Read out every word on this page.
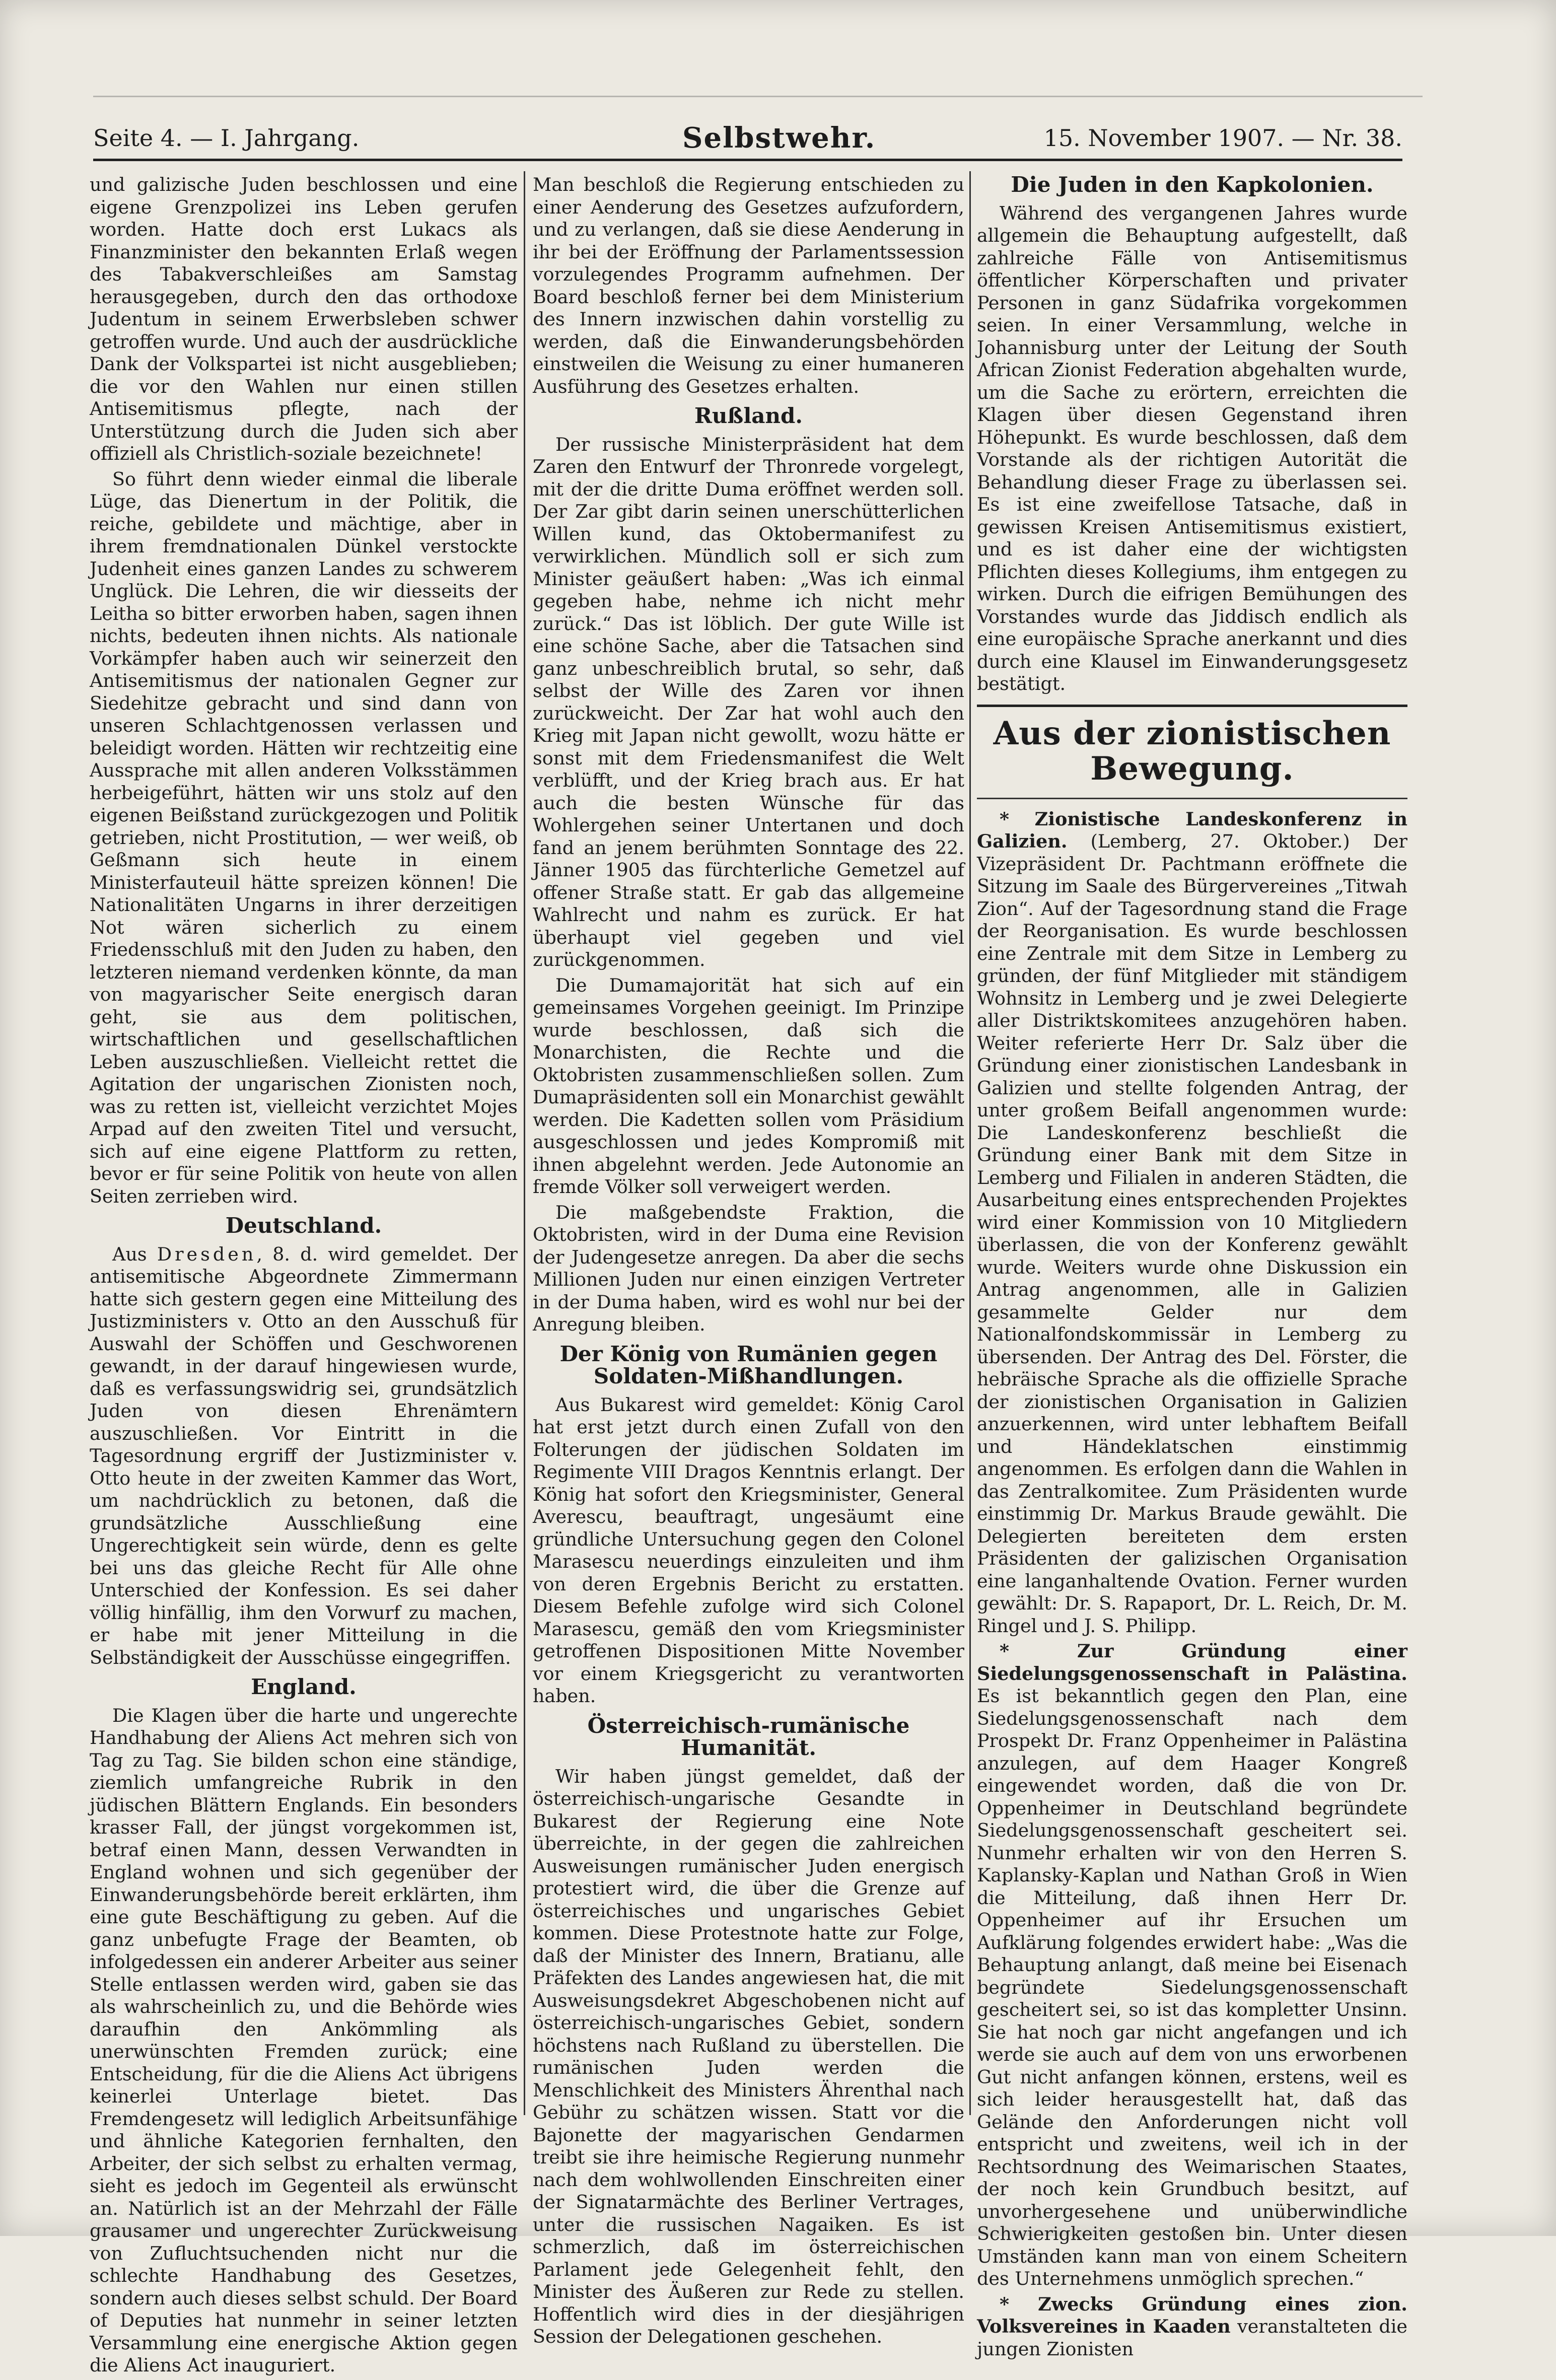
Seite 4. — I. Jahrgang.	Selbstwehr.	15. November 1907. — Nr. 38.

und galizische Juden beschlossen und eine eigene Grenzpolizei ins Leben gerufen worden. Hatte doch erst Lukacs als Finanzminister den bekannten Erlaß wegen des Tabakverschleißes am Samstag herausgegeben, durch den das orthodoxe Judentum in seinem Erwerbsleben schwer getroffen wurde. Und auch der ausdrückliche Dank der Volkspartei ist nicht ausgeblieben; die vor den Wahlen nur einen stillen Antisemitismus pflegte, nach der Unterstützung durch die Juden sich aber offiziell als Christlich-soziale bezeichnete!

So führt denn wieder einmal die liberale Lüge, das Dienertum in der Politik, die reiche, gebildete und mächtige, aber in ihrem fremdnationalen Dünkel verstockte Judenheit eines ganzen Landes zu schwerem Unglück. Die Lehren, die wir diesseits der Leitha so bitter erworben haben, sagen ihnen nichts, bedeuten ihnen nichts. Als nationale Vorkämpfer haben auch wir seinerzeit den Antisemitismus der nationalen Gegner zur Siedehitze gebracht und sind dann von unseren Schlachtgenossen verlassen und beleidigt worden. Hätten wir rechtzeitig eine Aussprache mit allen anderen Volksstämmen herbeigeführt, hätten wir uns stolz auf den eigenen Beißstand zurückgezogen und Politik getrieben, nicht Prostitution, — wer weiß, ob Geßmann sich heute in einem Ministerfauteuil hätte spreizen können! Die Nationalitäten Ungarns in ihrer derzeitigen Not wären sicherlich zu einem Friedensschluß mit den Juden zu haben, den letzteren niemand verdenken könnte, da man von magyarischer Seite energisch daran geht, sie aus dem politischen, wirtschaftlichen und gesellschaftlichen Leben auszuschließen. Vielleicht rettet die Agitation der ungarischen Zionisten noch, was zu retten ist, vielleicht verzichtet Mojes Arpad auf den zweiten Titel und versucht, sich auf eine eigene Plattform zu retten, bevor er für seine Politik von heute von allen Seiten zerrieben wird.

Deutschland.

Aus Dresden, 8. d. wird gemeldet. Der antisemitische Abgeordnete Zimmermann hatte sich gestern gegen eine Mitteilung des Justizministers v. Otto an den Ausschuß für Auswahl der Schöffen und Geschworenen gewandt, in der darauf hingewiesen wurde, daß es verfassungswidrig sei, grundsätzlich Juden von diesen Ehrenämtern auszuschließen. Vor Eintritt in die Tagesordnung ergriff der Justizminister v. Otto heute in der zweiten Kammer das Wort, um nachdrücklich zu betonen, daß die grundsätzliche Ausschließung eine Ungerechtigkeit sein würde, denn es gelte bei uns das gleiche Recht für Alle ohne Unterschied der Konfession. Es sei daher völlig hinfällig, ihm den Vorwurf zu machen, er habe mit jener Mitteilung in die Selbständigkeit der Ausschüsse eingegriffen.

England.

Die Klagen über die harte und ungerechte Handhabung der Aliens Act mehren sich von Tag zu Tag. Sie bilden schon eine ständige, ziemlich umfangreiche Rubrik in den jüdischen Blättern Englands. Ein besonders krasser Fall, der jüngst vorgekommen ist, betraf einen Mann, dessen Verwandten in England wohnen und sich gegenüber der Einwanderungsbehörde bereit erklärten, ihm eine gute Beschäftigung zu geben. Auf die ganz unbefugte Frage der Beamten, ob infolgedessen ein anderer Arbeiter aus seiner Stelle entlassen werden wird, gaben sie das als wahrscheinlich zu, und die Behörde wies daraufhin den Ankömmling als unerwünschten Fremden zurück; eine Entscheidung, für die die Aliens Act übrigens keinerlei Unterlage bietet. Das Fremdengesetz will lediglich Arbeitsunfähige und ähnliche Kategorien fernhalten, den Arbeiter, der sich selbst zu erhalten vermag, sieht es jedoch im Gegenteil als erwünscht an. Natürlich ist an der Mehrzahl der Fälle grausamer und ungerechter Zurückweisung von Zufluchtsuchenden nicht nur die schlechte Handhabung des Gesetzes, sondern auch dieses selbst schuld. Der Board of Deputies hat nunmehr in seiner letzten Versammlung eine energische Aktion gegen die Aliens Act inauguriert.

Man beschloß die Regierung entschieden zu einer Aenderung des Gesetzes aufzufordern, und zu verlangen, daß sie diese Aenderung in ihr bei der Eröffnung der Parlamentssession vorzulegendes Programm aufnehmen. Der Board beschloß ferner bei dem Ministerium des Innern inzwischen dahin vorstellig zu werden, daß die Einwanderungsbehörden einstweilen die Weisung zu einer humaneren Ausführung des Gesetzes erhalten.

Rußland.

Der russische Ministerpräsident hat dem Zaren den Entwurf der Thronrede vorgelegt, mit der die dritte Duma eröffnet werden soll. Der Zar gibt darin seinen unerschütterlichen Willen kund, das Oktobermanifest zu verwirklichen. Mündlich soll er sich zum Minister geäußert haben: „Was ich einmal gegeben habe, nehme ich nicht mehr zurück.“ Das ist löblich. Der gute Wille ist eine schöne Sache, aber die Tatsachen sind ganz unbeschreiblich brutal, so sehr, daß selbst der Wille des Zaren vor ihnen zurückweicht. Der Zar hat wohl auch den Krieg mit Japan nicht gewollt, wozu hätte er sonst mit dem Friedensmanifest die Welt verblüfft, und der Krieg brach aus. Er hat auch die besten Wünsche für das Wohlergehen seiner Untertanen und doch fand an jenem berühmten Sonntage des 22. Jänner 1905 das fürchterliche Gemetzel auf offener Straße statt. Er gab das allgemeine Wahlrecht und nahm es zurück. Er hat überhaupt viel gegeben und viel zurückgenommen.

Die Dumamajorität hat sich auf ein gemeinsames Vorgehen geeinigt. Im Prinzipe wurde beschlossen, daß sich die Monarchisten, die Rechte und die Oktobristen zusammenschließen sollen. Zum Dumapräsidenten soll ein Monarchist gewählt werden. Die Kadetten sollen vom Präsidium ausgeschlossen und jedes Kompromiß mit ihnen abgelehnt werden. Jede Autonomie an fremde Völker soll verweigert werden.

Die maßgebendste Fraktion, die Oktobristen, wird in der Duma eine Revision der Judengesetze anregen. Da aber die sechs Millionen Juden nur einen einzigen Vertreter in der Duma haben, wird es wohl nur bei der Anregung bleiben.

Der König von Rumänien gegen Soldaten-Mißhandlungen.

Aus Bukarest wird gemeldet: König Carol hat erst jetzt durch einen Zufall von den Folterungen der jüdischen Soldaten im Regimente VIII Dragos Kenntnis erlangt. Der König hat sofort den Kriegsminister, General Averescu, beauftragt, ungesäumt eine gründliche Untersuchung gegen den Colonel Marasescu neuerdings einzuleiten und ihm von deren Ergebnis Bericht zu erstatten. Diesem Befehle zufolge wird sich Colonel Marasescu, gemäß den vom Kriegsminister getroffenen Dispositionen Mitte November vor einem Kriegsgericht zu verantworten haben.

Österreichisch-rumänische Humanität.

Wir haben jüngst gemeldet, daß der österreichisch-ungarische Gesandte in Bukarest der Regierung eine Note überreichte, in der gegen die zahlreichen Ausweisungen rumänischer Juden energisch protestiert wird, die über die Grenze auf österreichisches und ungarisches Gebiet kommen. Diese Protestnote hatte zur Folge, daß der Minister des Innern, Bratianu, alle Präfekten des Landes angewiesen hat, die mit Ausweisungsdekret Abgeschobenen nicht auf österreichisch-ungarisches Gebiet, sondern höchstens nach Rußland zu überstellen. Die rumänischen Juden werden die Menschlichkeit des Ministers Ährenthal nach Gebühr zu schätzen wissen. Statt vor die Bajonette der magyarischen Gendarmen treibt sie ihre heimische Regierung nunmehr nach dem wohlwollenden Einschreiten einer der Signatarmächte des Berliner Vertrages, unter die russischen Nagaiken. Es ist schmerzlich, daß im österreichischen Parlament jede Gelegenheit fehlt, den Minister des Äußeren zur Rede zu stellen. Hoffentlich wird dies in der diesjährigen Session der Delegationen geschehen.

Die Juden in den Kapkolonien.

Während des vergangenen Jahres wurde allgemein die Behauptung aufgestellt, daß zahlreiche Fälle von Antisemitismus öffentlicher Körperschaften und privater Personen in ganz Südafrika vorgekommen seien. In einer Versammlung, welche in Johannisburg unter der Leitung der South African Zionist Federation abgehalten wurde, um die Sache zu erörtern, erreichten die Klagen über diesen Gegenstand ihren Höhepunkt. Es wurde beschlossen, daß dem Vorstande als der richtigen Autorität die Behandlung dieser Frage zu überlassen sei. Es ist eine zweifellose Tatsache, daß in gewissen Kreisen Antisemitismus existiert, und es ist daher eine der wichtigsten Pflichten dieses Kollegiums, ihm entgegen zu wirken. Durch die eifrigen Bemühungen des Vorstandes wurde das Jiddisch endlich als eine europäische Sprache anerkannt und dies durch eine Klausel im Einwanderungsgesetz bestätigt.

Aus der zionistischen Bewegung.

* Zionistische Landeskonferenz in Galizien. (Lemberg, 27. Oktober.) Der Vizepräsident Dr. Pachtmann eröffnete die Sitzung im Saale des Bürgervereines „Titwah Zion“. Auf der Tagesordnung stand die Frage der Reorganisation. Es wurde beschlossen eine Zentrale mit dem Sitze in Lemberg zu gründen, der fünf Mitglieder mit ständigem Wohnsitz in Lemberg und je zwei Delegierte aller Distriktskomitees anzugehören haben. Weiter referierte Herr Dr. Salz über die Gründung einer zionistischen Landesbank in Galizien und stellte folgenden Antrag, der unter großem Beifall angenommen wurde: Die Landeskonferenz beschließt die Gründung einer Bank mit dem Sitze in Lemberg und Filialen in anderen Städten, die Ausarbeitung eines entsprechenden Projektes wird einer Kommission von 10 Mitgliedern überlassen, die von der Konferenz gewählt wurde. Weiters wurde ohne Diskussion ein Antrag angenommen, alle in Galizien gesammelte Gelder nur dem Nationalfondskommissär in Lemberg zu übersenden. Der Antrag des Del. Förster, die hebräische Sprache als die offizielle Sprache der zionistischen Organisation in Galizien anzuerkennen, wird unter lebhaftem Beifall und Händeklatschen einstimmig angenommen. Es erfolgen dann die Wahlen in das Zentralkomitee. Zum Präsidenten wurde einstimmig Dr. Markus Braude gewählt. Die Delegierten bereiteten dem ersten Präsidenten der galizischen Organisation eine langanhaltende Ovation. Ferner wurden gewählt: Dr. S. Rapaport, Dr. L. Reich, Dr. M. Ringel und J. S. Philipp.

* Zur Gründung einer Siedelungsgenossenschaft in Palästina. Es ist bekanntlich gegen den Plan, eine Siedelungsgenossenschaft nach dem Prospekt Dr. Franz Oppenheimer in Palästina anzulegen, auf dem Haager Kongreß eingewendet worden, daß die von Dr. Oppenheimer in Deutschland begründete Siedelungsgenossenschaft gescheitert sei. Nunmehr erhalten wir von den Herren S. Kaplansky-Kaplan und Nathan Groß in Wien die Mitteilung, daß ihnen Herr Dr. Oppenheimer auf ihr Ersuchen um Aufklärung folgendes erwidert habe: „Was die Behauptung anlangt, daß meine bei Eisenach begründete Siedelungsgenossenschaft gescheitert sei, so ist das kompletter Unsinn. Sie hat noch gar nicht angefangen und ich werde sie auch auf dem von uns erworbenen Gut nicht anfangen können, erstens, weil es sich leider herausgestellt hat, daß das Gelände den Anforderungen nicht voll entspricht und zweitens, weil ich in der Rechtsordnung des Weimarischen Staates, der noch kein Grundbuch besitzt, auf unvorhergesehene und unüberwindliche Schwierigkeiten gestoßen bin. Unter diesen Umständen kann man von einem Scheitern des Unternehmens unmöglich sprechen.“

* Zwecks Gründung eines zion. Volksvereines in Kaaden veranstalteten die jungen Zionisten
